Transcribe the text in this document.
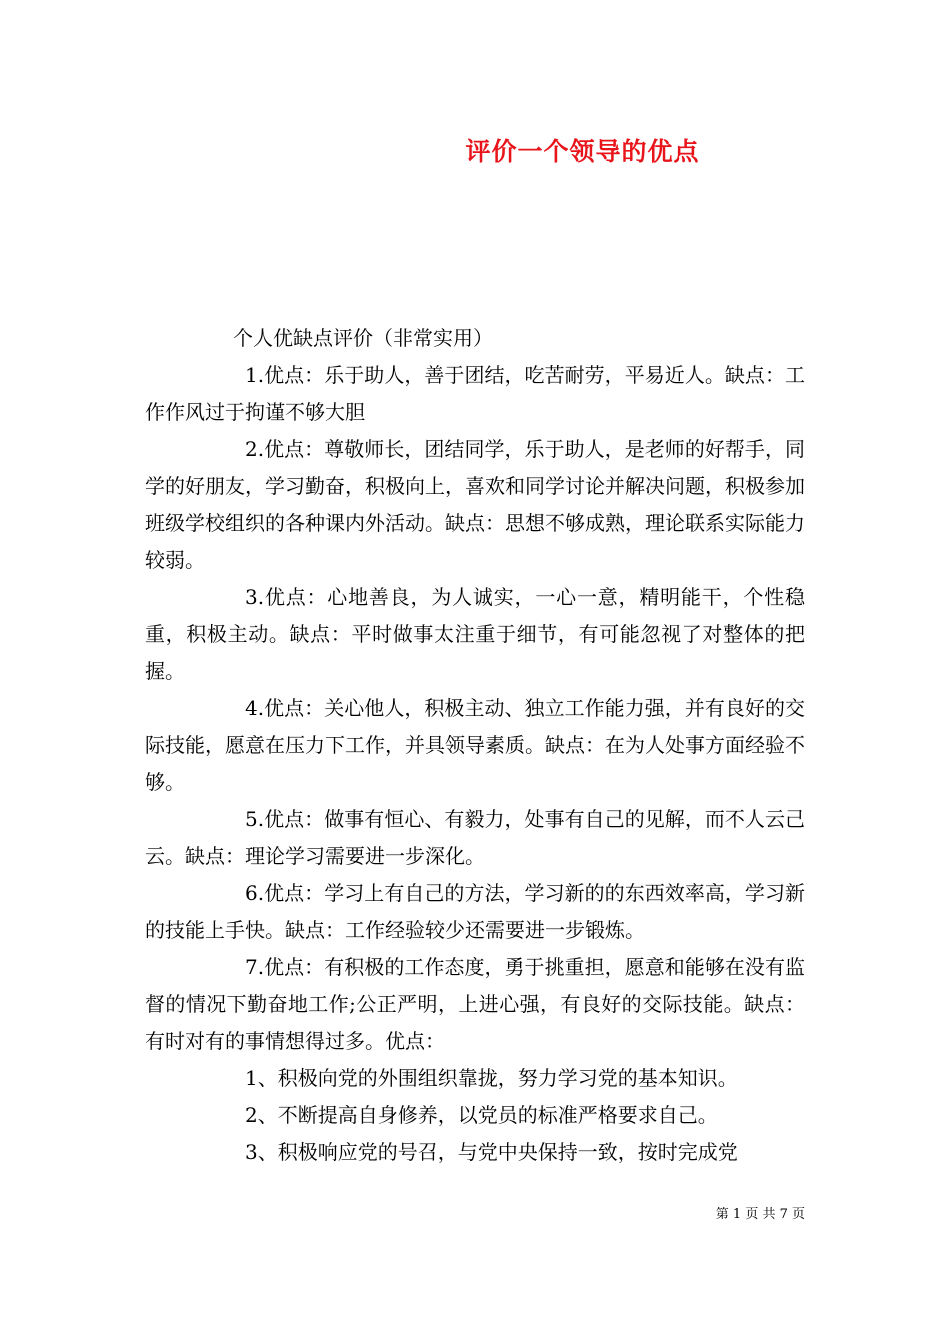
评价一个领导的优点

个人优缺点评价（非常实用）

1.优点：乐于助人，善于团结，吃苦耐劳，平易近人。缺点：工作作风过于拘谨不够大胆

2.优点：尊敬师长，团结同学，乐于助人，是老师的好帮手，同学的好朋友，学习勤奋，积极向上，喜欢和同学讨论并解决问题，积极参加班级学校组织的各种课内外活动。缺点：思想不够成熟，理论联系实际能力较弱。

3.优点：心地善良，为人诚实，一心一意，精明能干，个性稳重，积极主动。缺点：平时做事太注重于细节，有可能忽视了对整体的把握。

4.优点：关心他人，积极主动、独立工作能力强，并有良好的交际技能，愿意在压力下工作，并具领导素质。缺点：在为人处事方面经验不够。

5.优点：做事有恒心、有毅力，处事有自己的见解，而不人云己云。缺点：理论学习需要进一步深化。

6.优点：学习上有自己的方法，学习新的的东西效率高，学习新的技能上手快。缺点：工作经验较少还需要进一步锻炼。

7.优点：有积极的工作态度，勇于挑重担，愿意和能够在没有监督的情况下勤奋地工作;公正严明，上进心强，有良好的交际技能。缺点：有时对有的事情想得过多。优点：

1、积极向党的外围组织靠拢，努力学习党的基本知识。

2、不断提高自身修养，以党员的标准严格要求自己。

3、积极响应党的号召，与党中央保持一致，按时完成党

第 1 页 共 7 页
